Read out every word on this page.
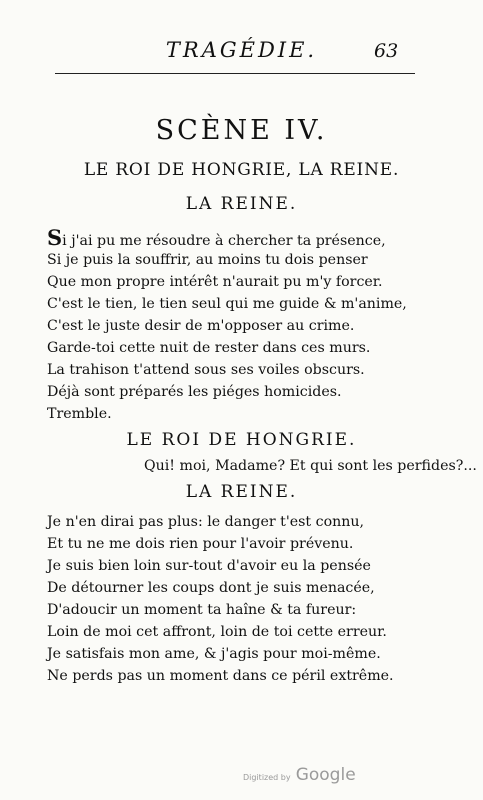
TRAGÉDIE.	63
SCÈNE IV.
LE ROI DE HONGRIE, LA REINE.
LA REINE.
Si j'ai pu me résoudre à chercher ta présence,
Si je puis la souffrir, au moins tu dois penser
Que mon propre intérêt n'aurait pu m'y forcer.
C'est le tien, le tien seul qui me guide & m'anime,
C'est le juste desir de m'opposer au crime.
Garde-toi cette nuit de rester dans ces murs.
La trahison t'attend sous ses voiles obscurs.
Déjà sont préparés les piéges homicides.
Tremble.
LE ROI DE HONGRIE.
Qui! moi, Madame? Et qui sont les perfides?...
LA REINE.
Je n'en dirai pas plus: le danger t'est connu,
Et tu ne me dois rien pour l'avoir prévenu.
Je suis bien loin sur-tout d'avoir eu la pensée
De détourner les coups dont je suis menacée,
D'adoucir un moment ta haîne & ta fureur:
Loin de moi cet affront, loin de toi cette erreur.
Je satisfais mon ame, & j'agis pour moi-même.
Ne perds pas un moment dans ce péril extrême.
Digitized by Google
